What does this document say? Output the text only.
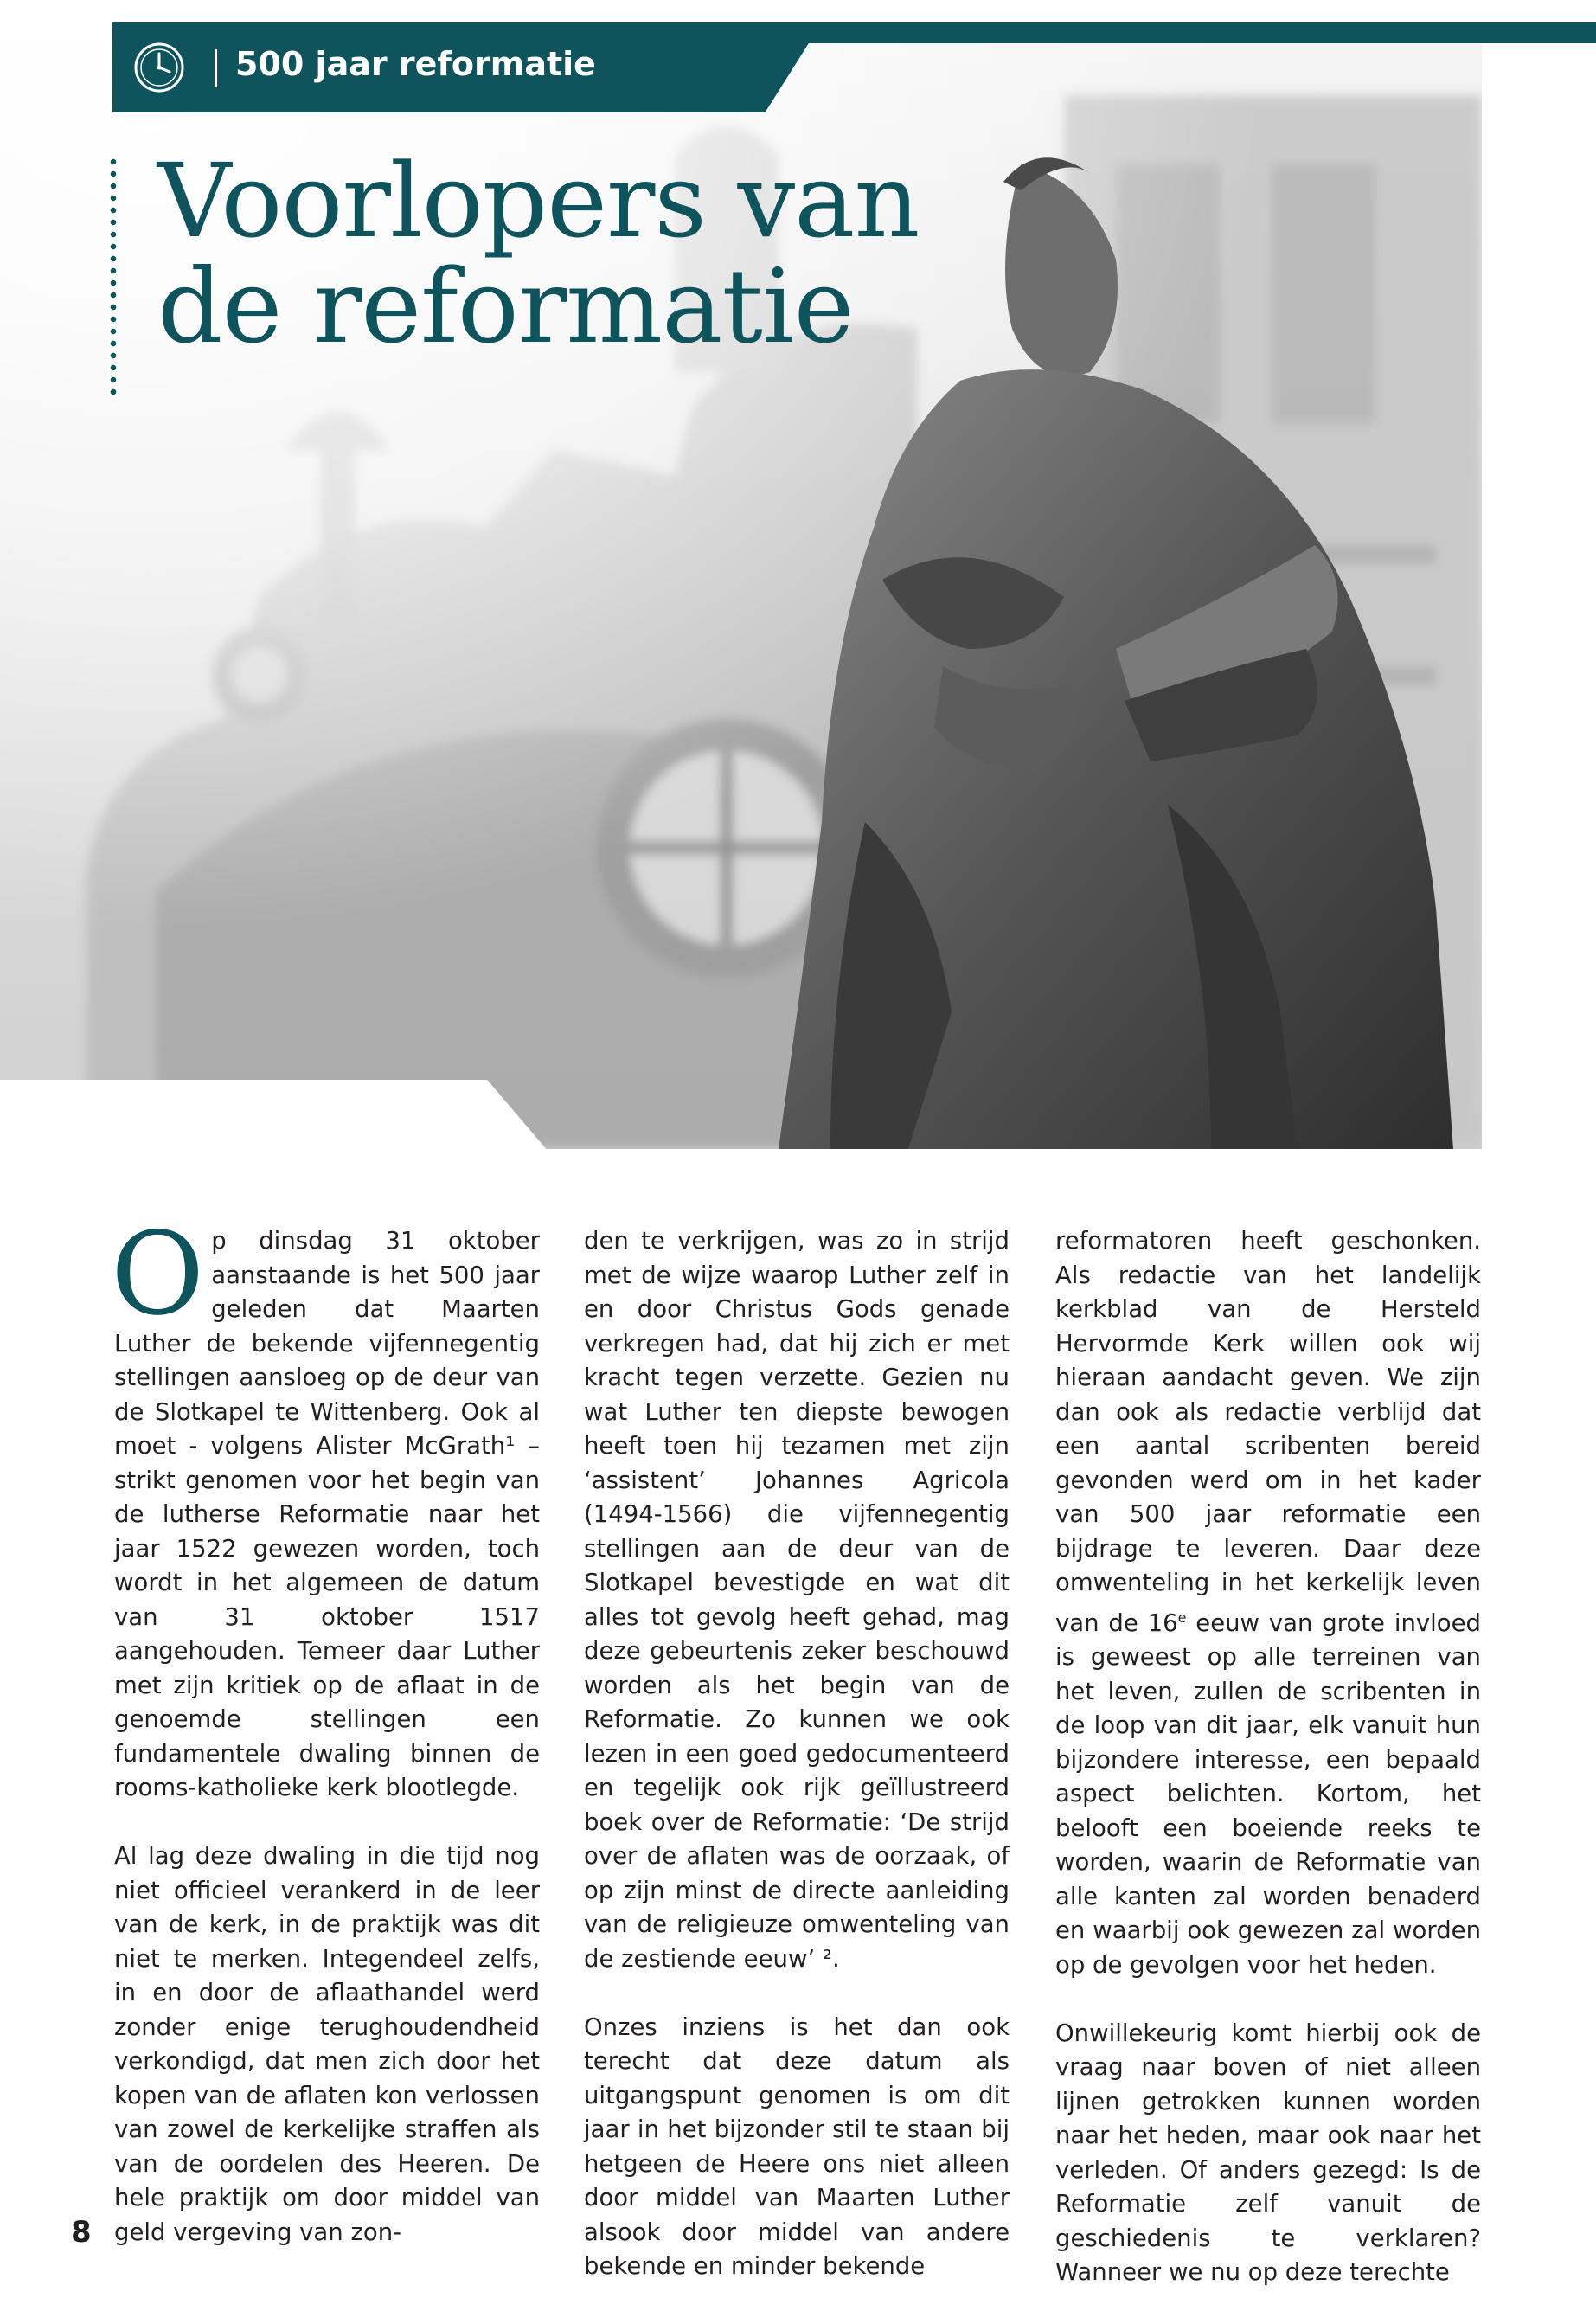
500 jaar reformatie
Voorlopers van
de reformatie

Op dinsdag 31 oktober aanstaande is het 500 jaar geleden dat Maarten Luther de bekende vijfennegentig stellingen aansloeg op de deur van de Slotkapel te Wittenberg. Ook al moet - volgens Alister McGrath¹ – strikt genomen voor het begin van de lutherse Reformatie naar het jaar 1522 gewezen worden, toch wordt in het algemeen de datum van 31 oktober 1517 aangehouden. Temeer daar Luther met zijn kritiek op de aflaat in de genoemde stellingen een fundamentele dwaling binnen de rooms-katholieke kerk blootlegde.

Al lag deze dwaling in die tijd nog niet officieel verankerd in de leer van de kerk, in de praktijk was dit niet te merken. Integendeel zelfs, in en door de aflaathandel werd zonder enige terughoudendheid verkondigd, dat men zich door het kopen van de aflaten kon verlossen van zowel de kerkelijke straffen als van de oordelen des Heeren. De hele praktijk om door middel van geld vergeving van zon-

den te verkrijgen, was zo in strijd met de wijze waarop Luther zelf in en door Christus Gods genade verkregen had, dat hij zich er met kracht tegen verzette. Gezien nu wat Luther ten diepste bewogen heeft toen hij tezamen met zijn ‘assistent’ Johannes Agricola (1494-1566) die vijfennegentig stellingen aan de deur van de Slotkapel bevestigde en wat dit alles tot gevolg heeft gehad, mag deze gebeurtenis zeker beschouwd worden als het begin van de Reformatie. Zo kunnen we ook lezen in een goed gedocumenteerd en tegelijk ook rijk geïllustreerd boek over de Reformatie: ‘De strijd over de aflaten was de oorzaak, of op zijn minst de directe aanleiding van de religieuze omwenteling van de zestiende eeuw’ ².

Onzes inziens is het dan ook terecht dat deze datum als uitgangspunt genomen is om dit jaar in het bijzonder stil te staan bij hetgeen de Heere ons niet alleen door middel van Maarten Luther alsook door middel van andere bekende en minder bekende

reformatoren heeft geschonken. Als redactie van het landelijk kerkblad van de Hersteld Hervormde Kerk willen ook wij hieraan aandacht geven. We zijn dan ook als redactie verblijd dat een aantal scribenten bereid gevonden werd om in het kader van 500 jaar reformatie een bijdrage te leveren. Daar deze omwenteling in het kerkelijk leven van de 16e eeuw van grote invloed is geweest op alle terreinen van het leven, zullen de scribenten in de loop van dit jaar, elk vanuit hun bijzondere interesse, een bepaald aspect belichten. Kortom, het belooft een boeiende reeks te worden, waarin de Reformatie van alle kanten zal worden benaderd en waarbij ook gewezen zal worden op de gevolgen voor het heden.

Onwillekeurig komt hierbij ook de vraag naar boven of niet alleen lijnen getrokken kunnen worden naar het heden, maar ook naar het verleden. Of anders gezegd: Is de Reformatie zelf vanuit de geschiedenis te verklaren? Wanneer we nu op deze terechte

8
